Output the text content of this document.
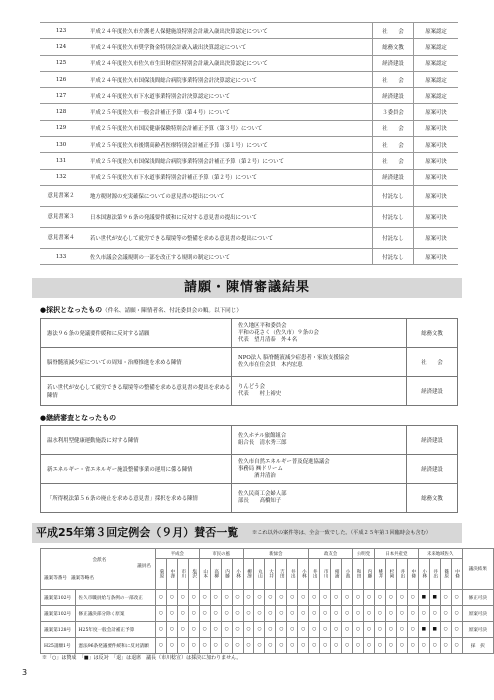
123	平成２４年度佐久市介護老人保健施設特別会計歳入歳出決算認定について	社　　会	原案認定
124	平成２４年度佐久市奨学資金特別会計歳入歳出決算認定について	総務文教	原案認定
125	平成２４年度佐久市佐久市生田財産区特別会計歳入歳出決算認定について	経済建設	原案認定
126	平成２４年度佐久市国保浅間総合病院事業特別会計決算認定について	社　　会	原案認定
127	平成２４年度佐久市下水道事業特別会計決算認定について	経済建設	原案認定
128	平成２５年度佐久市一般会計補正予算（第４号）について	３委員会	原案可決
129	平成２５年度佐久市国民健康保険特別会計補正予算（第３号）について	社　　会	原案可決
130	平成２５年度佐久市後期高齢者医療特別会計補正予算（第１号）について	社　　会	原案可決
131	平成２５年度佐久市国保浅間総合病院事業特別会計補正予算（第２号）について	社　　会	原案可決
132	平成２５年度佐久市下水道事業特別会計補正予算（第２号）について	経済建設	原案可決

意見書案２	地方税財源の充実確保についての意見書の提出について	付託なし	原案可決

意見書案３	日本国憲法第９６条の発議要件緩和に反対する意見書の提出について	付託なし	原案可決

意見書案４	若い世代が安心して就労できる環境等の整備を求める意見書の提出について	付託なし	原案可決
133	佐久市議会会議規則の一部を改正する規則の制定について	付託なし	原案可決
請願・陳情審議結果
●採択となったもの（件名、請願・陳情者名、付託委員会の順。以下同じ）
憲法９６条の発議要件緩和に反対する請願	佐久地区平和委員会
平和の花さく（佐久市）９条の会
代表　望月清泰　外４名	総務文教
脳脊髄液減少症についての周知・治療推進を求める陳情	NPO法人 脳脊髄液減少症患者・家族支援協会
佐久市在住会員　木内宏恵	社　　会
若い世代が安心して就労できる環境等の整備を求める意見書の提出を求める陳情	りんどう会
代表　　村上裕史	経済建設
●継続審査となったもの
温水利用型健康運動施設に対する陳情	佐久ホテル旅館組合
組合長　清水秀三郎	経済建設
新エネルギー・省エネルギー施設整備事業の運用に係る陳情	佐久市自然エネルギー普及促進協議会
事務局 ㈱ドリーム
　　　酒井清治	経済建設
「所得税法第５６条の廃止を求める意見書」採択を求める陳情	佐久民商工会婦人部
部長　　高橋知子	総務文教
平成25年第３回定例会（９月）賛否一覧	※これ以外の案件等は、全会一致でした。（平成２５年第３回臨時会も含む）
会派名
議員名
議案等番号 議案等略名		平成会				市民の風				新緑会						政友会				公明党		日本共産党				未来地域佐久				議決結果
		菊原	中澤	市川	塩沢	山本	高柳	内藤	小林	柳澤	丸山	大井	吉田	井出	小林	井出	市川	相浦	小池	和田	内藤	桃井	杉岡	井出	中條	小林	井出	篠原	中條	
議案第102号	佐久市職員給与条例の一部改正	○	○	○	○	○	○	○	○	○	○	○	○	○	○	○	○	○	○	○	○	○	○	○	○	■	■	○	○	修正可決
議案第102号	修正議決部分除く原案	○	○	○	○	○	○	○	○	○	○	○	○	○	○	○	○	○	○	○	○	○	○	○	○	○	○	○	○	原案可決
議案第128号	H25年度一般会計補正予算	○	○	○	○	○	○	○	○	○	○	○	○	○	○	○	○	○	○	○	○	○	○	○	○	■	■	○	○	原案可決
H25請願1号	憲法96条発議要件緩和に反対請願	○	○	○	○	○	○	○	○	○	○	○	○	○	○	○	○	○	○	○	○	○	○	○	○	○	○	○	○	採　択
※「○」は賛成　「■」は反対　「退」は退席　議長（市川稔宣）は採決に加わりません。
3
